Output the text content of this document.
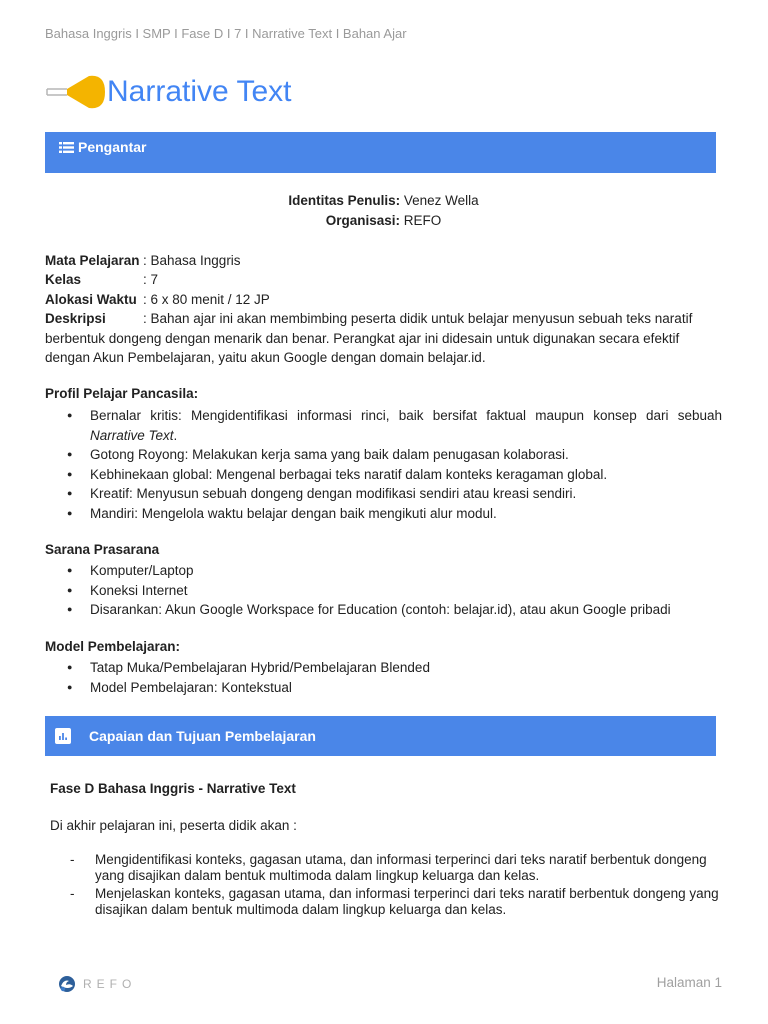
Bahasa Inggris I SMP I Fase D I 7 I Narrative Text I Bahan Ajar
Narrative Text
Pengantar
Identitas Penulis: Venez Wella
Organisasi: REFO
Mata Pelajaran : Bahasa Inggris
Kelas	: 7
Alokasi Waktu : 6 x 80 menit / 12 JP
Deskripsi	: Bahan ajar ini akan membimbing peserta didik untuk belajar menyusun sebuah teks naratif berbentuk dongeng dengan menarik dan benar. Perangkat ajar ini didesain untuk digunakan secara efektif dengan Akun Pembelajaran, yaitu akun Google dengan domain belajar.id.
Profil Pelajar Pancasila:
● Bernalar kritis: Mengidentifikasi informasi rinci, baik bersifat faktual maupun konsep dari sebuah
Narrative Text.
● Gotong Royong: Melakukan kerja sama yang baik dalam penugasan kolaborasi.
● Kebhinekaan global: Mengenal berbagai teks naratif dalam konteks keragaman global.
● Kreatif: Menyusun sebuah dongeng dengan modifikasi sendiri atau kreasi sendiri.
● Mandiri: Mengelola waktu belajar dengan baik mengikuti alur modul.
Sarana Prasarana
● Komputer/Laptop
● Koneksi Internet
● Disarankan: Akun Google Workspace for Education (contoh: belajar.id), atau akun Google pribadi
Model Pembelajaran:
● Tatap Muka/Pembelajaran Hybrid/Pembelajaran Blended
● Model Pembelajaran: Kontekstual
Capaian dan Tujuan Pembelajaran
Fase D Bahasa Inggris - Narrative Text
Di akhir pelajaran ini, peserta didik akan :
- Mengidentifikasi konteks, gagasan utama, dan informasi terperinci dari teks naratif berbentuk dongeng yang disajikan dalam bentuk multimoda dalam lingkup keluarga dan kelas.
- Menjelaskan konteks, gagasan utama, dan informasi terperinci dari teks naratif berbentuk dongeng yang disajikan dalam bentuk multimoda dalam lingkup keluarga dan kelas.
REFO	Halaman 1
